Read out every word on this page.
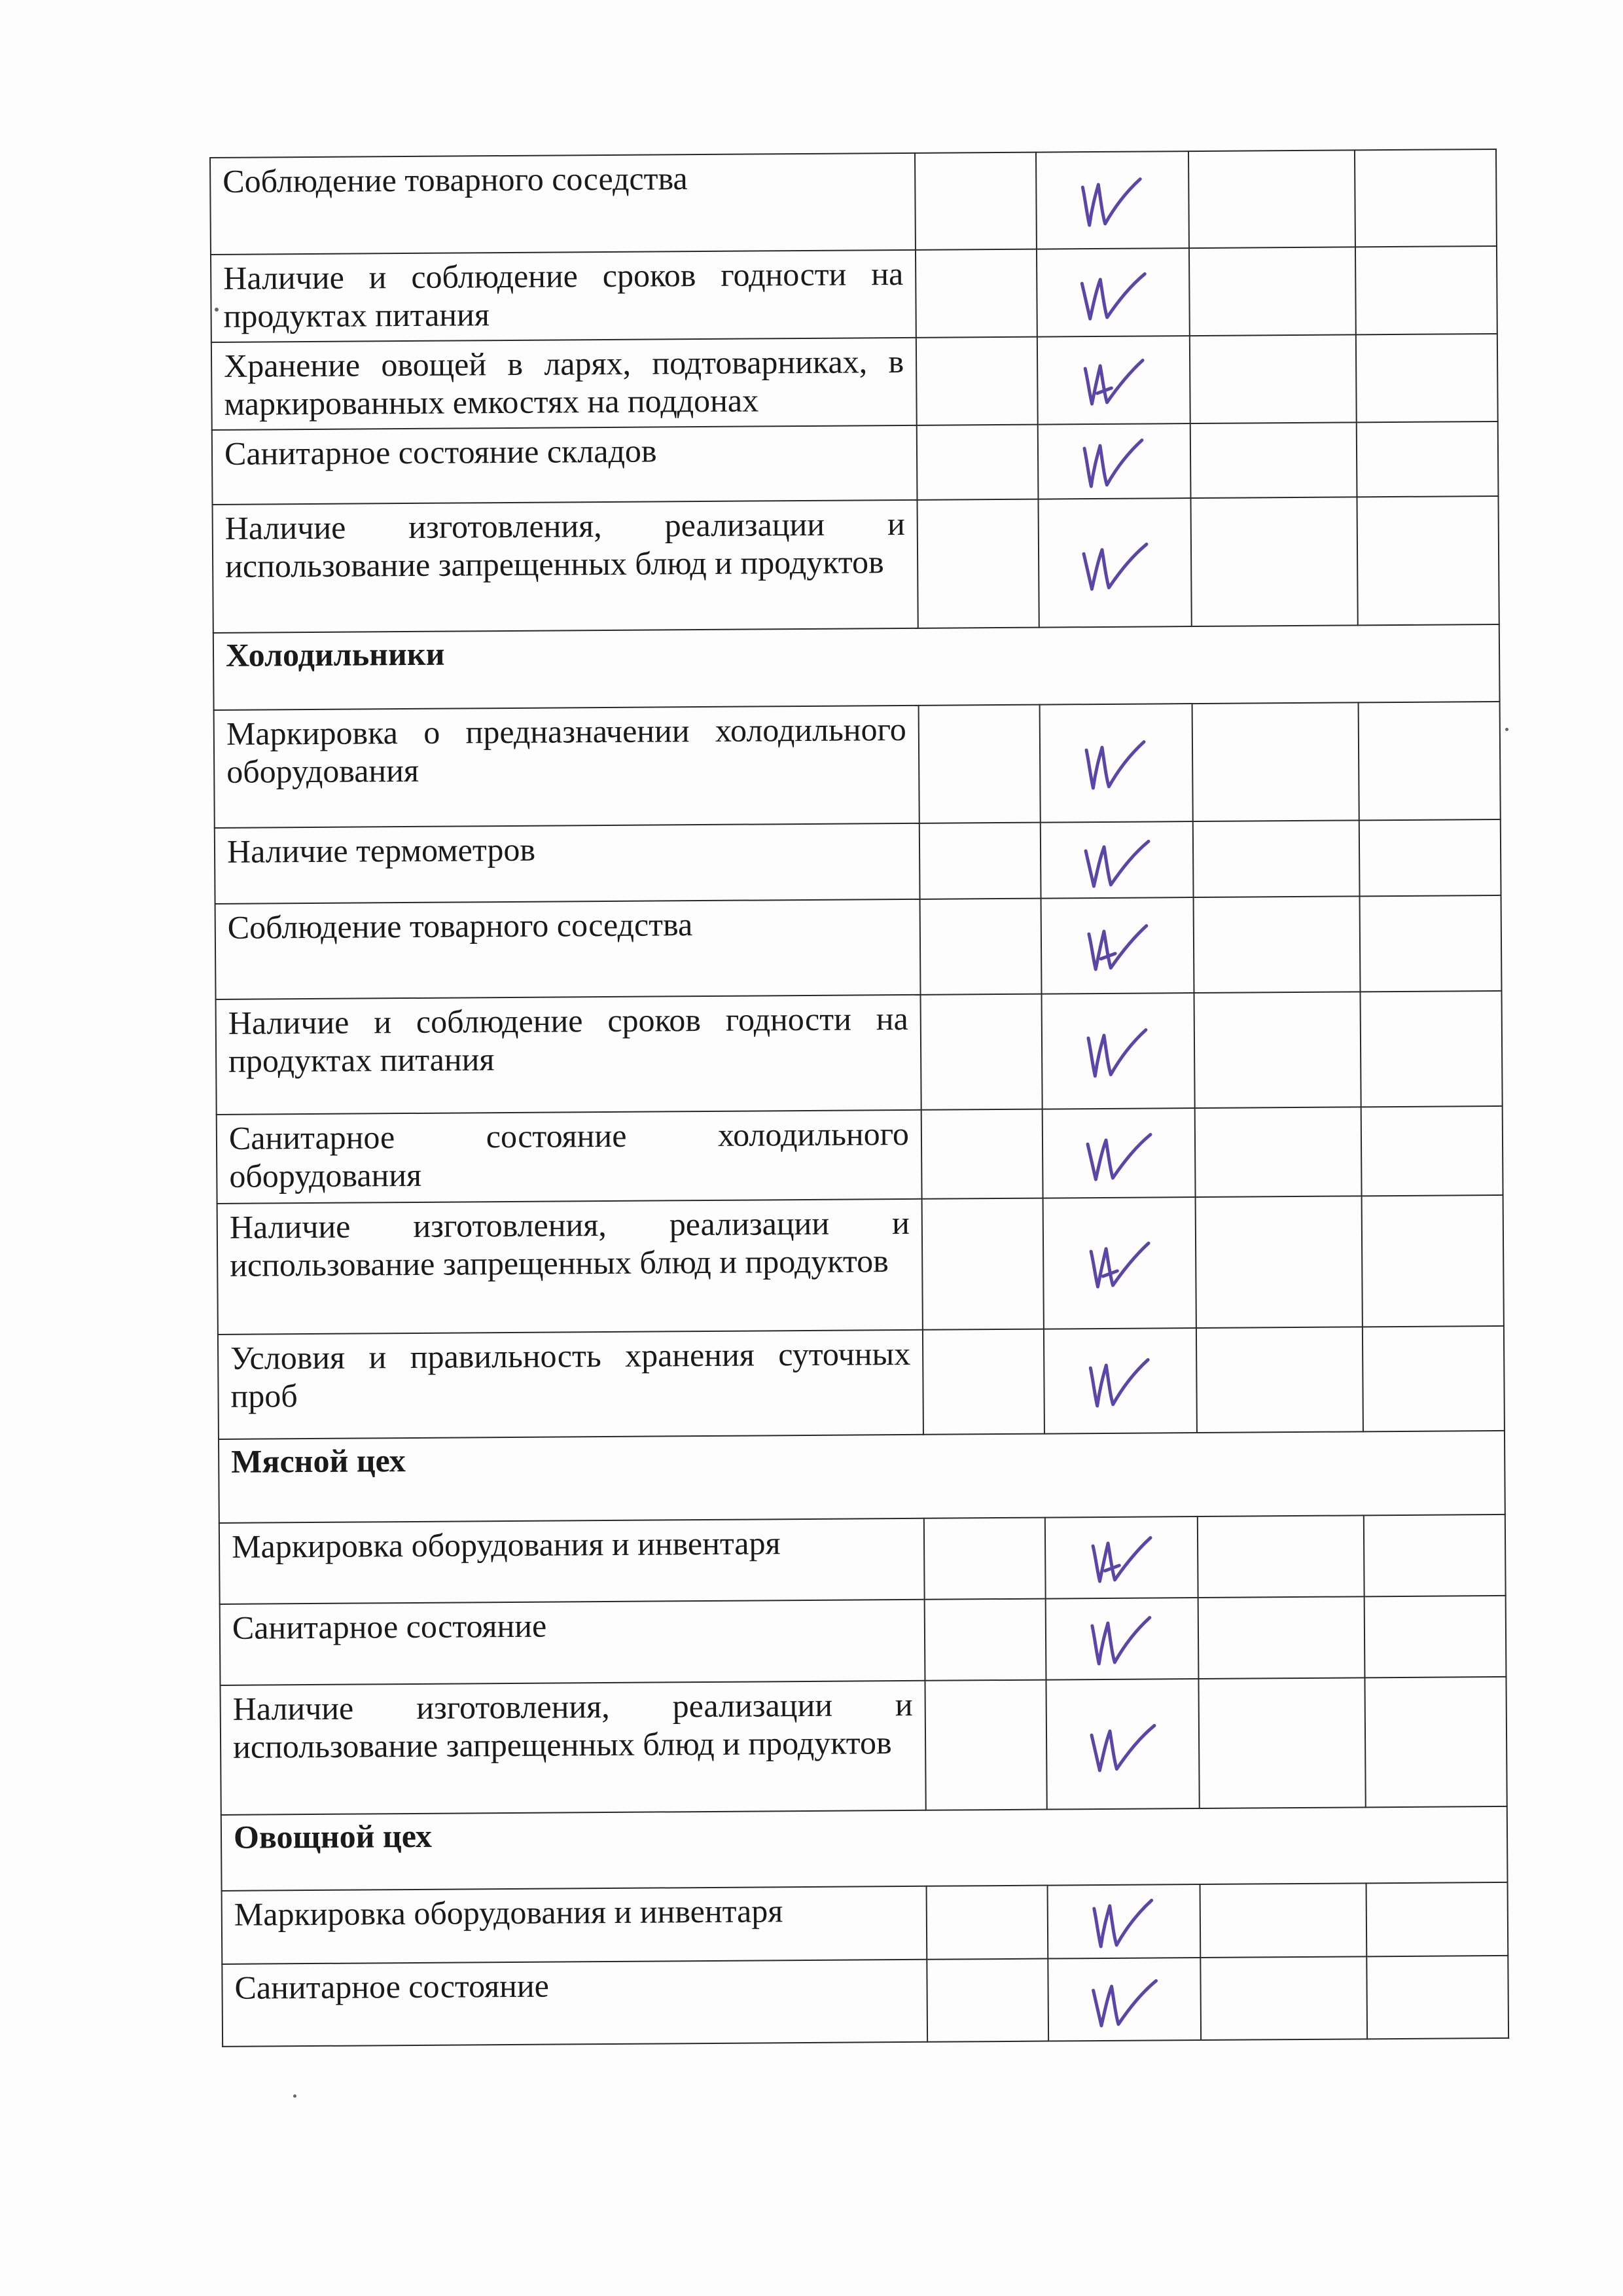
Соблюдение товарного соседства		

Наличие и соблюдение сроков годности на продуктах питания		

Хранение овощей в ларях, подтоварниках, в маркированных емкостях на поддонах		

Санитарное состояние складов		

Наличие изготовления, реализации и использование запрещенных блюд и продуктов		

Холодильники				
Маркировка о предназначении холодильного оборудования		

Наличие термометров		

Соблюдение товарного соседства		

Наличие и соблюдение сроков годности на продуктах питания		

Санитарное состояние холодильного оборудования		

Наличие изготовления, реализации и использование запрещенных блюд и продуктов		

Условия и правильность хранения суточных проб		

Мясной цех				
Маркировка оборудования и инвентаря		

Санитарное состояние		

Наличие изготовления, реализации и использование запрещенных блюд и продуктов		

Овощной цех				
Маркировка оборудования и инвентаря		

Санитарное состояние		
